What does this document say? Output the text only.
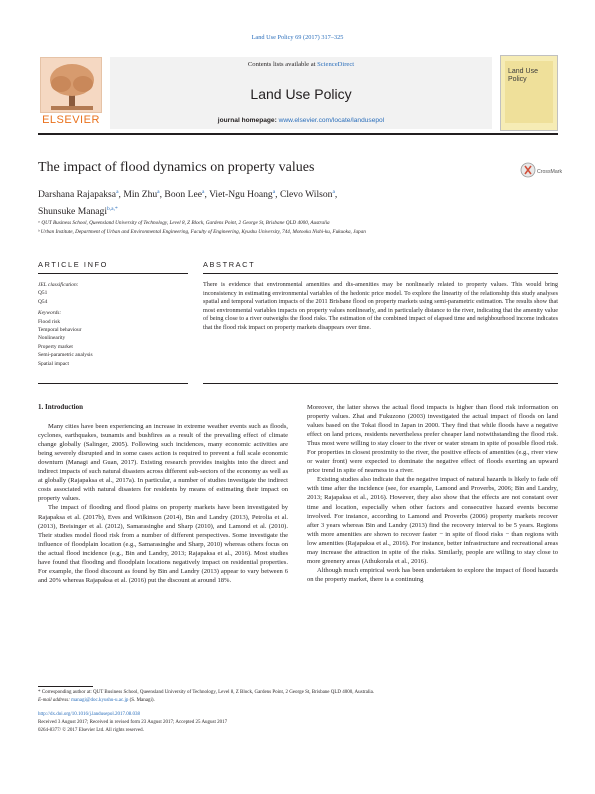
Land Use Policy 69 (2017) 317–325
ELSEVIER
Contents lists available at ScienceDirect
Land Use Policy
journal homepage: www.elsevier.com/locate/landusepol
Land Use Policy
The impact of flood dynamics on property values	CrossMark
Darshana Rajapaksa$^a$, Min Zhu$^a$, Boon Lee$^a$, Viet-Ngu Hoang$^a$, Clevo Wilson$^a$,
Shunsuke Managi$^{b,a,*}$
ᵃ QUT Business School, Queensland University of Technology, Level 8, Z Block, Gardens Point, 2 George St, Brisbane QLD 4000, Australia
ᵇ Urban Institute, Department of Urban and Environmental Engineering, Faculty of Engineering, Kyushu University, 744, Motooka Nishi-ku, Fukuoka, Japan
ARTICLE INFO	ABSTRACT
JEL classification:
Q51
Q54
Keywords:
Flood risk
Temporal behaviour
Nonlinearity
Property market
Semi-parametric analysis
Spatial impact
There is evidence that environmental amenities and dis-amenities may be nonlinearly related to property values. This would bring inconsistency in estimating environmental variables of the hedonic price model. To explore the linearity of the relationship this study analyses spatial and temporal variation impacts of the 2011 Brisbane flood on property markets using semi-parametric estimation. The results show that most environmental variables impacts on property values nonlinearly, and in particularly distance to the river, indicating that the amenity value of being close to a river outweighs the flood risks. The estimation of the combined impact of elapsed time and neighbourhood income indicates that the flood risk impact on property markets disappears over time.
1. Introduction

Many cities have been experiencing an increase in extreme weather events such as floods, cyclones, earthquakes, tsunamis and bushfires as a result of the prevailing effect of climate change globally (Salinger, 2005). Following such incidences, many economic activities are being severely disrupted and in some cases action is required to prevent a full scale economic downturn (Managi and Guan, 2017). Existing research provides insights into the direct and indirect impacts of such natural disasters across different sub-sectors of the economy as well as at globally (Rajapaksa et al., 2017a). In particular, a number of studies investigate the indirect costs associated with natural disasters for residents by means of estimating their impact on property values.

The impact of flooding and flood plains on property markets have been investigated by Rajapaksa et al. (2017b), Eves and Wilkinson (2014), Bin and Landry (2013), Petrolia et al. (2013), Breisinger et al. (2012), Samarasinghe and Sharp (2010), and Lamond et al. (2010). Their studies model flood risk from a number of different perspectives. Some investigate the influence of floodplain location (e.g., Samarasinghe and Sharp, 2010) whereas others focus on the actual flood incidence (e.g., Bin and Landry, 2013; Rajapaksa et al., 2016). Most studies have found that flooding and floodplain locations negatively impact on residential properties. For example, the flood discount as found by Bin and Landry (2013) appear to vary between 6 and 20% whereas Rajapaksa et al. (2016) put the discount at around 18%.

Moreover, the latter shows the actual flood impacts is higher than flood risk information on property values. Zhai and Fukuzono (2003) investigated the actual impact of floods on land values based on the Tokai flood in Japan in 2000. They find that while floods have a negative effect on land prices, residents nevertheless prefer cheaper land notwithstanding the flood risk. Thus most were willing to stay closer to the river or water stream in spite of possible flood risk. For properties in closest proximity to the river, the positive effects of amenities (e.g., river view or water front) were expected to dominate the negative effect of floods exerting an upward price trend in spite of nearness to a river.

Existing studies also indicate that the negative impact of natural hazards is likely to fade off with time after the incidence (see, for example, Lamond and Proverbs, 2006; Bin and Landry, 2013; Rajapaksa et al., 2016). However, they also show that the effects are not constant over time and location, especially when other factors and consecutive hazard events become involved. For instance, according to Lamond and Proverbs (2006) property markets recover after 3 years whereas Bin and Landry (2013) find the recovery interval to be 5 years. Regions with more amenities are shown to recover faster − in spite of flood risks − than regions with low amenities (Rajapaksa et al., 2016). For instance, better infrastructure and recreational areas may increase the attraction in spite of the risks. Similarly, people are willing to stay close to more greenery areas (Athukorala et al., 2016).

Although much empirical work has been undertaken to explore the impact of flood hazards on the property market, there is a continuing

* Corresponding author at: QUT Business School, Queensland University of Technology, Level 8, Z Block, Gardens Point, 2 George St, Brisbane QLD 4000, Australia.
E-mail address: managi@doc.kyushu-u.ac.jp (S. Managi).
http://dx.doi.org/10.1016/j.landusepol.2017.08.038
Received 3 August 2017; Received in revised form 23 August 2017; Accepted 25 August 2017
0264-8377/ © 2017 Elsevier Ltd. All rights reserved.
